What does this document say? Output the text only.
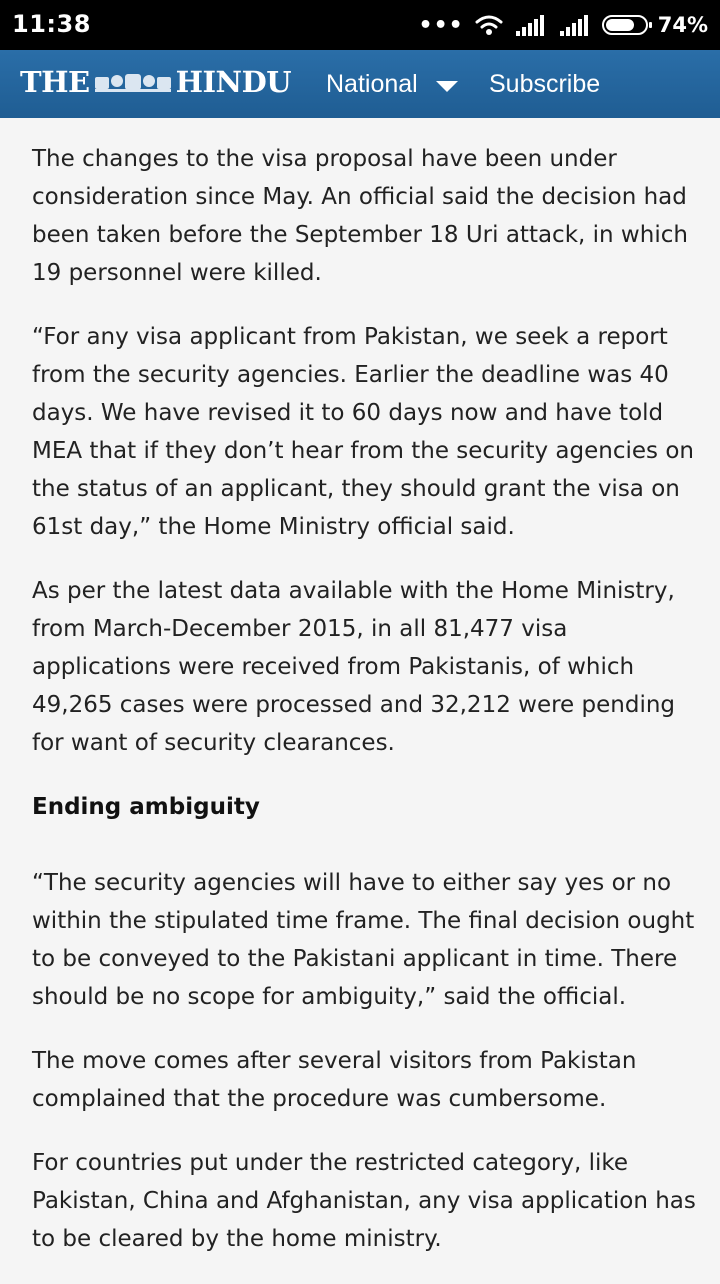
11:38	•••	74%
THE	HINDU National	Subscribe

The changes to the visa proposal have been under consideration since May. An official said the decision had been taken before the September 18 Uri attack, in which 19 personnel were killed.

“For any visa applicant from Pakistan, we seek a report from the security agencies. Earlier the deadline was 40 days. We have revised it to 60 days now and have told MEA that if they don’t hear from the security agencies on the status of an applicant, they should grant the visa on 61st day,” the Home Ministry official said.

As per the latest data available with the Home Ministry, from March-December 2015, in all 81,477 visa applications were received from Pakistanis, of which 49,265 cases were processed and 32,212 were pending for want of security clearances.

Ending ambiguity

“The security agencies will have to either say yes or no within the stipulated time frame. The final decision ought to be conveyed to the Pakistani applicant in time. There should be no scope for ambiguity,” said the official.

The move comes after several visitors from Pakistan complained that the procedure was cumbersome.

For countries put under the restricted category, like Pakistan, China and Afghanistan, any visa application has to be cleared by the home ministry.
